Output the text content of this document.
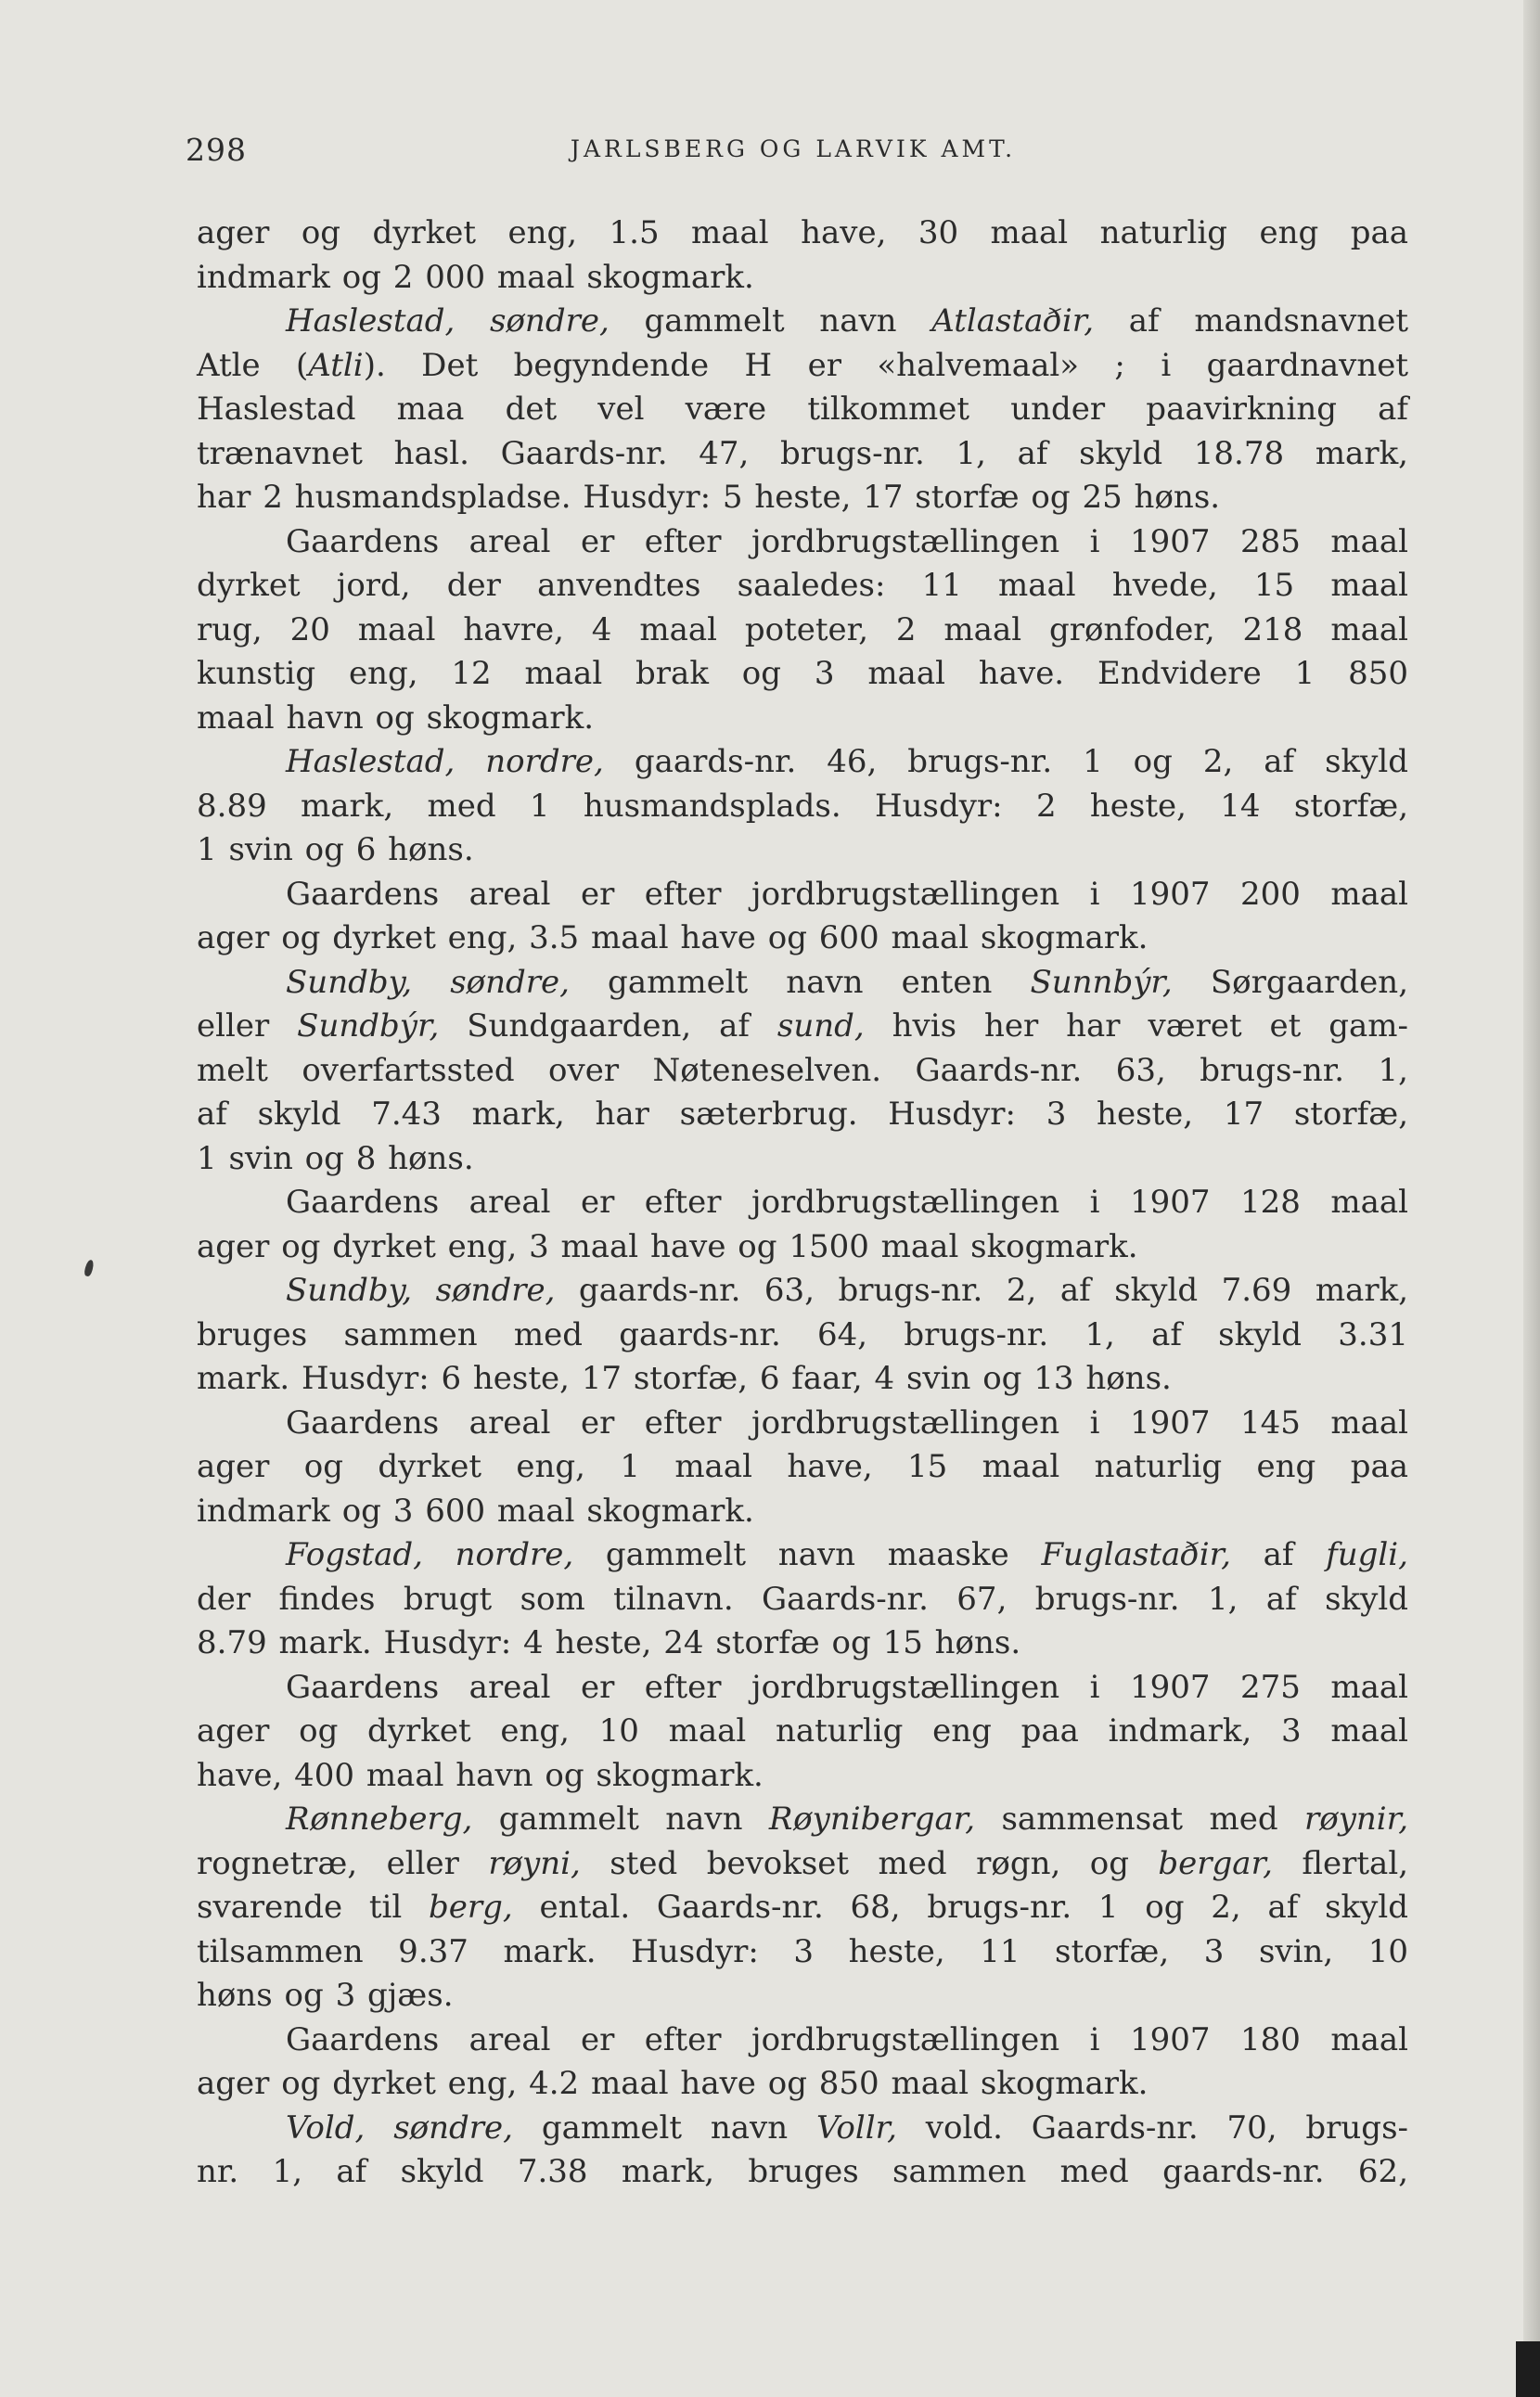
298	JARLSBERG OG LARVIK AMT.
ager og dyrket eng, 1.5 maal have, 30 maal naturlig eng paa
indmark og 2 000 maal skogmark.
Haslestad, søndre, gammelt navn Atlastaðir, af mandsnavnet
Atle (Atli). Det begyndende H er «halvemaal» ; i gaardnavnet
Haslestad maa det vel være tilkommet under paavirkning af
trænavnet hasl. Gaards-nr. 47, brugs-nr. 1, af skyld 18.78 mark,
har 2 husmandspladse. Husdyr: 5 heste, 17 storfæ og 25 høns.
Gaardens areal er efter jordbrugstællingen i 1907 285 maal
dyrket jord, der anvendtes saaledes: 11 maal hvede, 15 maal
rug, 20 maal havre, 4 maal poteter, 2 maal grønfoder, 218 maal
kunstig eng, 12 maal brak og 3 maal have. Endvidere 1 850
maal havn og skogmark.
Haslestad, nordre, gaards-nr. 46, brugs-nr. 1 og 2, af skyld
8.89 mark, med 1 husmandsplads. Husdyr: 2 heste, 14 storfæ,
1 svin og 6 høns.
Gaardens areal er efter jordbrugstællingen i 1907 200 maal
ager og dyrket eng, 3.5 maal have og 600 maal skogmark.
Sundby, søndre, gammelt navn enten Sunnbýr, Sørgaarden,
eller Sundbýr, Sundgaarden, af sund, hvis her har været et gam-
melt overfartssted over Nøteneselven. Gaards-nr. 63, brugs-nr. 1,
af skyld 7.43 mark, har sæterbrug. Husdyr: 3 heste, 17 storfæ,
1 svin og 8 høns.
Gaardens areal er efter jordbrugstællingen i 1907 128 maal
ager og dyrket eng, 3 maal have og 1500 maal skogmark.
Sundby, søndre, gaards-nr. 63, brugs-nr. 2, af skyld 7.69 mark,
bruges sammen med gaards-nr. 64, brugs-nr. 1, af skyld 3.31
mark. Husdyr: 6 heste, 17 storfæ, 6 faar, 4 svin og 13 høns.
Gaardens areal er efter jordbrugstællingen i 1907 145 maal
ager og dyrket eng, 1 maal have, 15 maal naturlig eng paa
indmark og 3 600 maal skogmark.
Fogstad, nordre, gammelt navn maaske Fuglastaðir, af fugli,
der findes brugt som tilnavn. Gaards-nr. 67, brugs-nr. 1, af skyld
8.79 mark. Husdyr: 4 heste, 24 storfæ og 15 høns.
Gaardens areal er efter jordbrugstællingen i 1907 275 maal
ager og dyrket eng, 10 maal naturlig eng paa indmark, 3 maal
have, 400 maal havn og skogmark.
Rønneberg, gammelt navn Røynibergar, sammensat med røynir,
rognetræ, eller røyni, sted bevokset med røgn, og bergar, flertal,
svarende til berg, ental. Gaards-nr. 68, brugs-nr. 1 og 2, af skyld
tilsammen 9.37 mark. Husdyr: 3 heste, 11 storfæ, 3 svin, 10
høns og 3 gjæs.
Gaardens areal er efter jordbrugstællingen i 1907 180 maal
ager og dyrket eng, 4.2 maal have og 850 maal skogmark.
Vold, søndre, gammelt navn Vollr, vold. Gaards-nr. 70, brugs-
nr. 1, af skyld 7.38 mark, bruges sammen med gaards-nr. 62,
